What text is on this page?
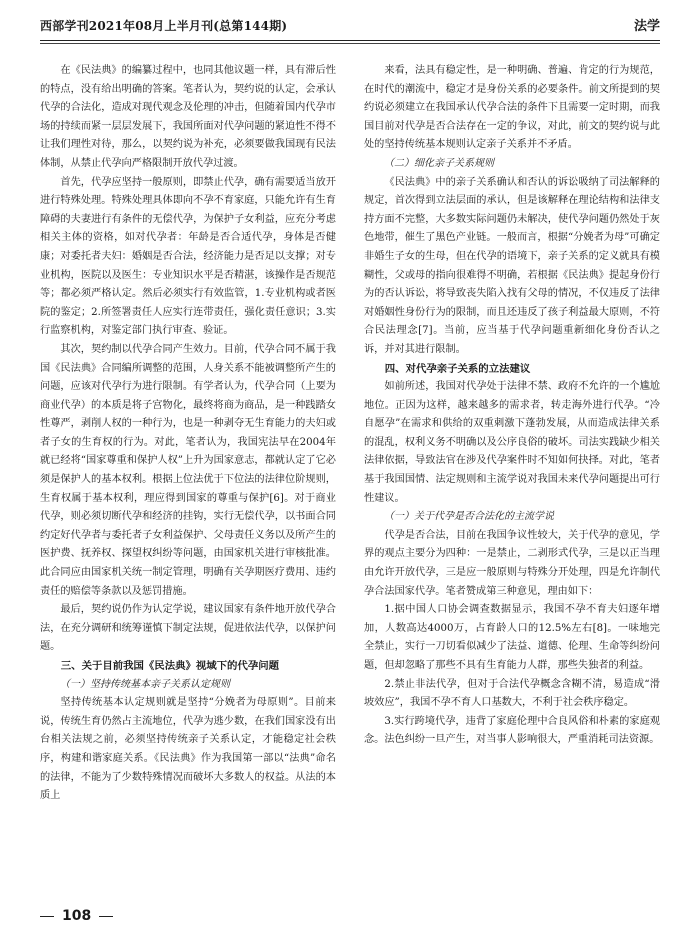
西部学刊2021年08月上半月刊(总第144期)	法学

在《民法典》的编纂过程中，也同其他议题一样，具有滞后性的特点，没有给出明确的答案。笔者认为，契约说的认定，会承认代孕的合法化，造成对现代观念及伦理的冲击，但随着国内代孕市场的持续而紧一层层发展下，我国所面对代孕问题的紧迫性不得不让我们理性对待，那么，以契约说为补充，必须要做我国现有民法体制，从禁止代孕向严格限制开放代孕过渡。

首先，代孕应坚持一般原则，即禁止代孕，确有需要适当放开进行特殊处理。特殊处理具体即向不孕不育家庭，只能允许有生育障碍的夫妻进行有条件的无偿代孕，为保护子女利益，应充分考虑相关主体的资格，如对代孕者：年龄是否合适代孕，身体是否健康；对委托者夫妇：婚姻是否合法，经济能力是否足以支撑；对专业机构，医院以及医生：专业知识水平是否精湛，该操作是否规范等；都必须严格认定。然后必须实行有效监管，1.专业机构或者医院的鉴定；2.所签署责任人应实行连带责任，强化责任意识；3.实行监察机构，对鉴定部门执行审查、验证。

其次，契约制以代孕合同产生效力。目前，代孕合同不属于我国《民法典》合同编所调整的范围，人身关系不能被调整所产生的问题，应该对代孕行为进行限制。有学者认为，代孕合同（上要为商业代孕）的本质是将子宫物化，最终将商为商品，是一种践踏女性尊严，剥削人权的一种行为，也是一种剥夺无生育能力的夫妇或者子女的生育权的行为。对此，笔者认为，我国宪法早在2004年就已经将“国家尊重和保护人权”上升为国家意志，都就认定了它必须是保护人的基本权利。根据上位法优于下位法的法律位阶规则，生育权属于基本权利，理应得到国家的尊重与保护[6]。对于商业代孕，则必须切断代孕和经济的挂钩，实行无偿代孕，以书面合同约定好代孕者与委托者子女利益保护、父母责任义务以及所产生的医护费、抚养权、探望权纠纷等问题，由国家机关进行审核批准。此合同应由国家机关统一制定管理，明确有关孕期医疗费用、违约责任的赔偿等条款以及惩罚措施。

最后，契约说仍作为认定学说，建议国家有条件地开放代孕合法，在充分调研和统筹谨慎下制定法规，促进依法代孕，以保护问题。

三、关于目前我国《民法典》视域下的代孕问题
（一）坚持传统基本亲子关系认定规则

坚持传统基本认定规则就是坚持“分娩者为母原则”。目前来说，传统生育仍然占主流地位，代孕为逃少数，在我们国家没有出台相关法规之前，必须坚持传统亲子关系认定，才能稳定社会秩序，构建和谐家庭关系。《民法典》作为我国第一部以“法典”命名的法律，不能为了少数特殊情况而破坏大多数人的权益。从法的本质上

来看，法具有稳定性，是一种明确、普遍、肯定的行为规范，在时代的潮流中，稳定才是身份关系的必要条件。前文所提到的契约说必须建立在我国承认代孕合法的条件下且需要一定时期，而我国目前对代孕是否合法存在一定的争议，对此，前文的契约说与此处的坚持传统基本规则认定亲子关系并不矛盾。

（二）细化亲子关系规则

《民法典》中的亲子关系确认和否认的诉讼吸纳了司法解释的规定，首次得到立法层面的承认，但是该解释在理论结构和法律支持方面不完整，大多数实际问题仍未解决，使代孕问题仍然处于灰色地带，催生了黑色产业链。一般而言，根据“分娩者为母”可确定非婚生子女的生母，但在代孕的语境下，亲子关系的定义就具有模糊性，父或母的指向很难得不明确，若根据《民法典》提起身份行为的否认诉讼，将导致丧失陷入找有父母的情况，不仅违反了法律对婚姻性身份行为的限制，而且还违反了孩子利益最大原则，不符合民法理念[7]。当前，应当基于代孕问题重新细化身份否认之诉，并对其进行限制。

四、对代孕亲子关系的立法建议

如前所述，我国对代孕处于法律不禁、政府不允许的一个尴尬地位。正因为这样，越来越多的需求者，转走海外进行代孕。“冷自愿孕”在需求和供给的双重刺激下蓬勃发展，从而造成法律关系的混乱，权利义务不明确以及公序良俗的破坏。司法实践缺少相关法律依据，导致法官在涉及代孕案件时不知如何抉择。对此，笔者基于我国国情、法定规则和主流学说对我国未来代孕问题提出可行性建议。

（一）关于代孕是否合法化的主流学说

代孕是否合法，目前在我国争议性较大，关于代孕的意见，学界的观点主要分为四种：一是禁止，二剥形式代孕，三是以正当理由允许开放代孕，三是应一般原则与特殊分开处理，四是允许制代孕合法国家代孕。笔者赞成第三种意见，理由如下：

1.据中国人口协会调查数据显示，我国不孕不育夫妇逐年增加，人数高达4000万，占育龄人口的12.5%左右[8]。一味地完全禁止，实行一刀切看似减少了法益、道德、伦理、生命等纠纷问题，但却忽略了那些不具有生育能力人群，那些失独者的利益。

2.禁止非法代孕，但对于合法代孕概念含糊不清，易造成“滑坡效应”，我国不孕不育人口基数大，不利于社会秩序稳定。

3.实行跨境代孕，违背了家庭伦理中合良风俗和朴素的家庭观念。法色纠纷一旦产生，对当事人影响很大，严重消耗司法资源。

108
